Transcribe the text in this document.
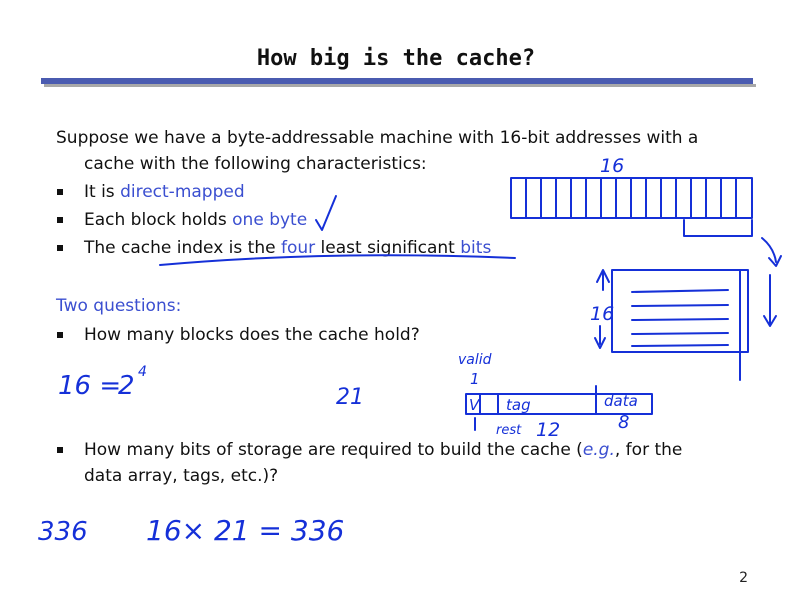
How big is the cache?
Suppose we have a byte-addressable machine with 16-bit addresses with a
cache with the following characteristics:
It is direct-mapped
Each block holds one byte
The cache index is the four least significant bits
Two questions:
How many blocks does the cache hold?
How many bits of storage are required to build the cache (e.g., for the
data array, tags, etc.)?
2
16
16
16 =
2 4
21
valid
1
V tag	data
8
rest 12
336 16× 21 = 336
